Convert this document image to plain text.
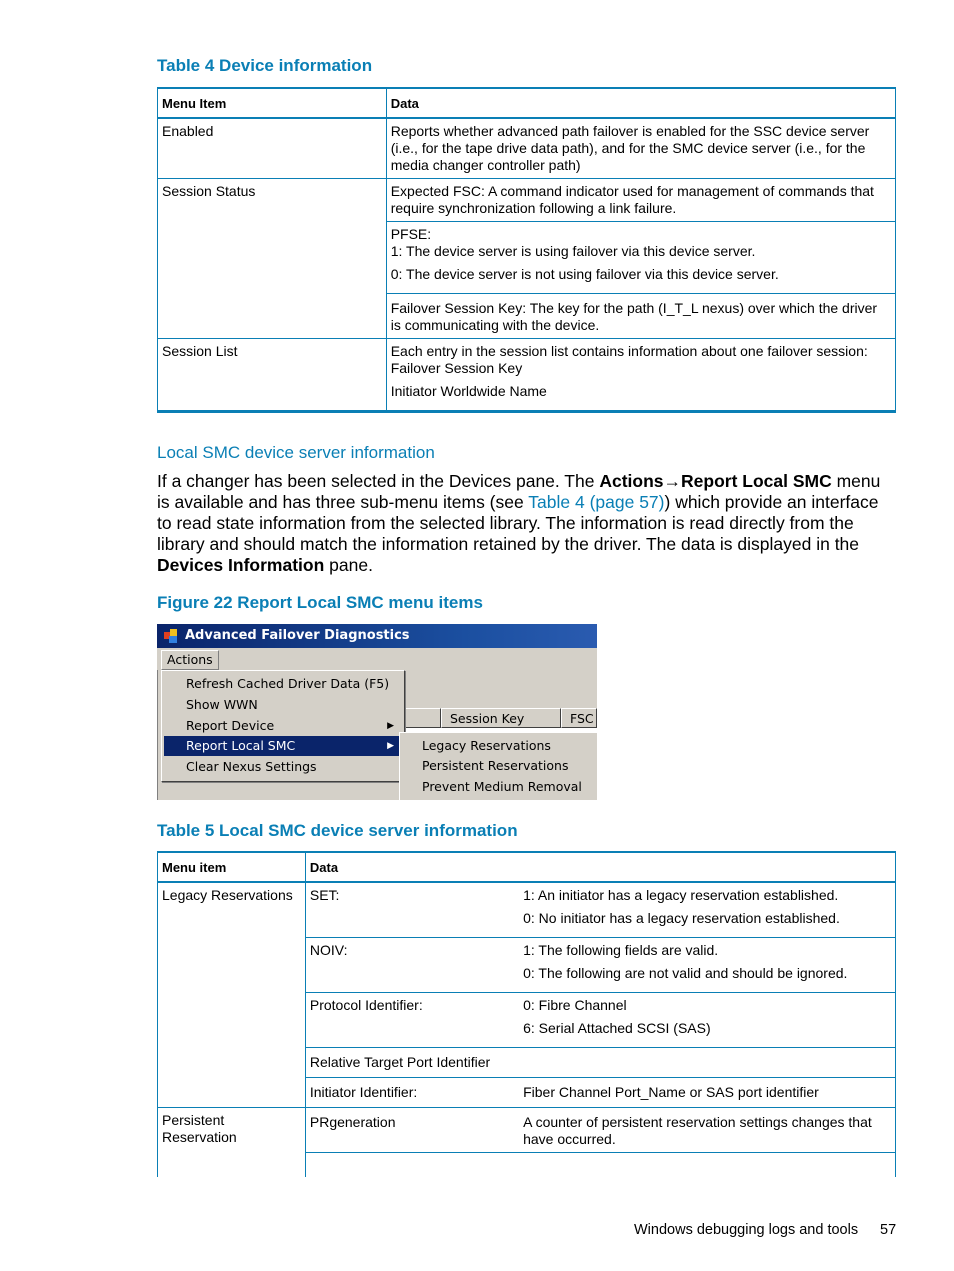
Table 4 Device information

Menu Item	Data
Enabled	Reports whether advanced path failover is enabled for the SSC device server (i.e., for the tape drive data path), and for the SMC device server (i.e., for the media changer controller path)
Session Status	Expected FSC: A command indicator used for management of commands that require synchronization following a link failure.

	PFSE:

1: The device server is using failover via this device server.

0: The device server is not using failover via this device server.

	Failover Session Key: The key for the path (I_T_L nexus) over which the driver is communicating with the device.
Session List	Each entry in the session list contains information about one failover session:

Failover Session Key

Initiator Worldwide Name

Local SMC device server information

If a changer has been selected in the Devices pane. The Actions→Report Local SMC menu is available and has three sub-menu items (see Table 4 (page 57)) which provide an interface to read state information from the selected library. The information is read directly from the library and should match the information retained by the driver. The data is displayed in the Devices Information pane.

Figure 22 Report Local SMC menu items

Advanced Failover Diagnostics
Actions
Session Key	FSC
Refresh Cached Driver Data (F5)
Show WWN
Report Device	▶
Report Local SMC	▶
Clear Nexus Settings
Legacy Reservations
Persistent Reservations
Prevent Medium Removal

Table 5 Local SMC device server information

Menu item	Data	
Legacy Reservations	SET:	1: An initiator has a legacy reservation established.

0: No initiator has a legacy reservation established.

	NOIV:	1: The following fields are valid.

0: The following are not valid and should be ignored.

	Protocol Identifier:	0: Fibre Channel

6: Serial Attached SCSI (SAS)

	Relative Target Port Identifier	
	Initiator Identifier:	Fiber Channel Port_Name or SAS port identifier
Persistent Reservation	PRgeneration	A counter of persistent reservation settings changes that have occurred.

Windows debugging logs and tools 57
